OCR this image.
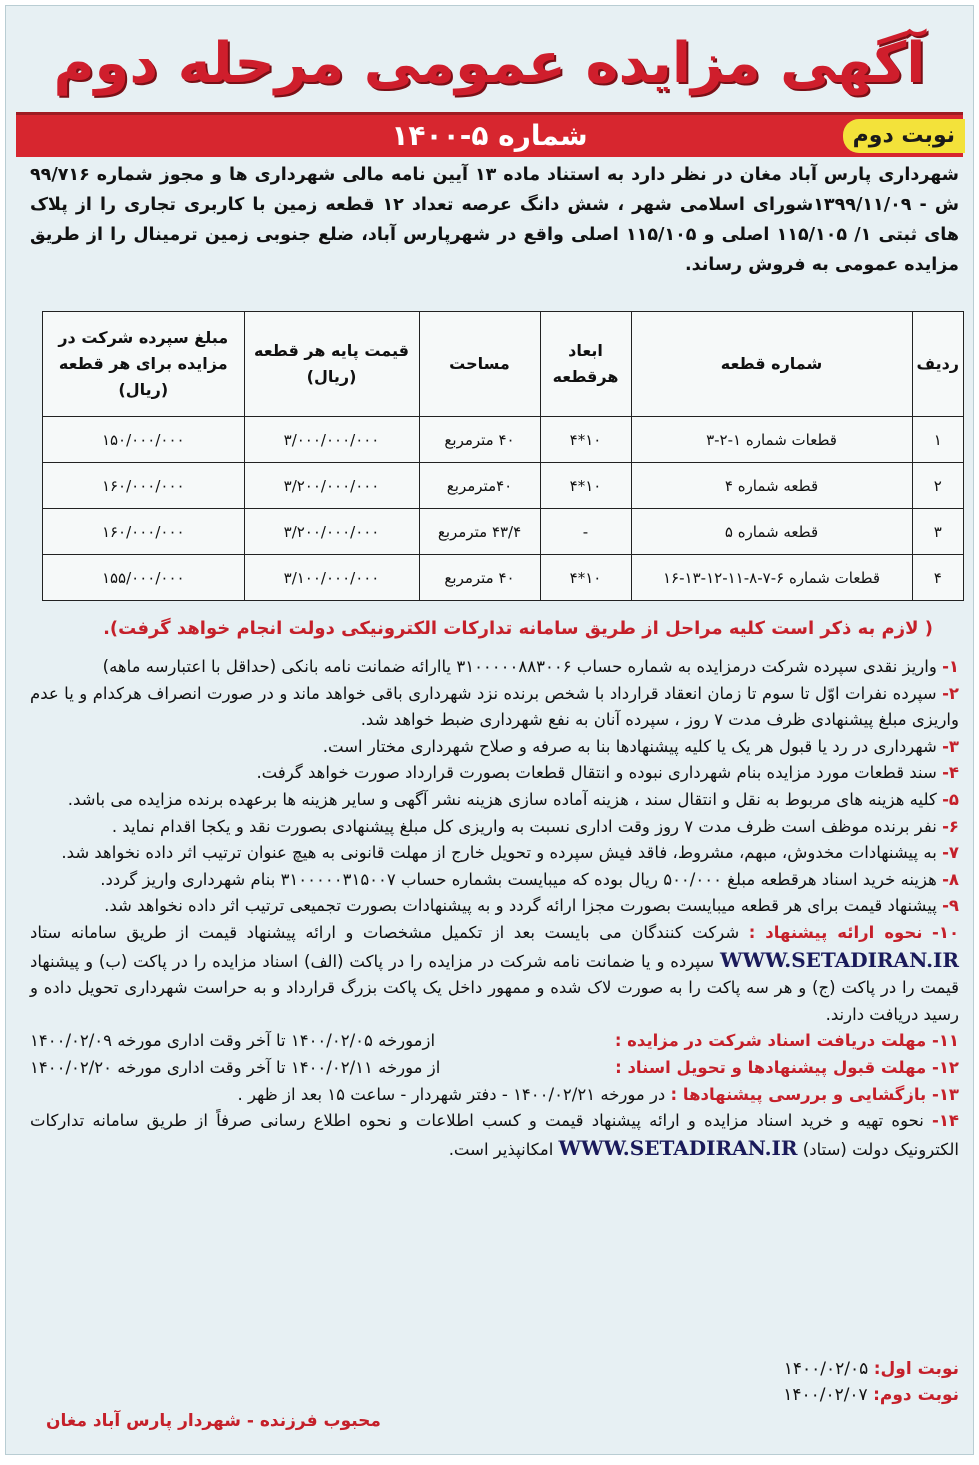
آگهی مزایده عمومی مرحله دوم
شماره ۵-۱۴۰۰	نوبت دوم
شهرداری پارس آباد مغان در نظر دارد به استناد ماده ۱۳ آیین نامه مالی شهرداری ها و مجوز شماره ۹۹/۷۱۶ ش - ۱۳۹۹/۱۱/۰۹شورای اسلامی شهر ، شش دانگ عرصه تعداد ۱۲ قطعه زمین با کاربری تجاری را از پلاک های ثبتی ۱/ ۱۱۵/۱۰۵ اصلی و ۱۱۵/۱۰۵ اصلی واقع در شهرپارس آباد، ضلع جنوبی زمین ترمینال را از طریق مزایده عمومی به فروش رساند.
ردیف	شماره قطعه	ابعاد هرقطعه	مساحت	قیمت پایه هر قطعه (ریال)	مبلغ سپرده شرکت در مزایده برای هر قطعه (ریال)
۱	قطعات شماره ۱-۲-۳	۱۰*۴	۴۰ مترمربع	۳/۰۰۰/۰۰۰/۰۰۰	۱۵۰/۰۰۰/۰۰۰
۲	قطعه شماره ۴	۱۰*۴	۴۰مترمربع	۳/۲۰۰/۰۰۰/۰۰۰	۱۶۰/۰۰۰/۰۰۰
۳	قطعه شماره ۵	-	۴۳/۴ مترمربع	۳/۲۰۰/۰۰۰/۰۰۰	۱۶۰/۰۰۰/۰۰۰
۴	قطعات شماره ۶-۷-۸-۱۱-۱۲-۱۳-۱۶	۱۰*۴	۴۰ مترمربع	۳/۱۰۰/۰۰۰/۰۰۰	۱۵۵/۰۰۰/۰۰۰
( لازم به ذکر است کلیه مراحل از طریق سامانه تدارکات الکترونیکی دولت انجام خواهد گرفت).

۱- واریز نقدی سپرده شرکت درمزایده به شماره حساب ۳۱۰۰۰۰۰۸۸۳۰۰۶ یاارائه ضمانت نامه بانکی (حداقل با اعتبارسه ماهه)

۲- سپرده نفرات اوّل تا سوم تا زمان انعقاد قرارداد با شخص برنده نزد شهرداری باقی خواهد ماند و در صورت انصراف هرکدام و یا عدم واریزی مبلغ پیشنهادی ظرف مدت ۷ روز ، سپرده آنان به نفع شهرداری ضبط خواهد شد.

۳- شهرداری در رد یا قبول هر یک یا کلیه پیشنهادها بنا به صرفه و صلاح شهرداری مختار است.

۴- سند قطعات مورد مزایده بنام شهرداری نبوده و انتقال قطعات بصورت قرارداد صورت خواهد گرفت.

۵- کلیه هزینه های مربوط به نقل و انتقال سند ، هزینه آماده سازی هزینه نشر آگهی و سایر هزینه ها برعهده برنده مزایده می باشد.

۶- نفر برنده موظف است ظرف مدت ۷ روز وقت اداری نسبت به واریزی کل مبلغ پیشنهادی بصورت نقد و یکجا اقدام نماید .

۷- به پیشنهادات مخدوش، مبهم، مشروط، فاقد فیش سپرده و تحویل خارج از مهلت قانونی به هیچ عنوان ترتیب اثر داده نخواهد شد.

۸- هزینه خرید اسناد هرقطعه مبلغ ۵۰۰/۰۰۰ ریال بوده که میبایست بشماره حساب ۳۱۰۰۰۰۰۳۱۵۰۰۷ بنام شهرداری واریز گردد.

۹- پیشنهاد قیمت برای هر قطعه میبایست بصورت مجزا ارائه گردد و به پیشنهادات بصورت تجمیعی ترتیب اثر داده نخواهد شد.

۱۰- نحوه ارائه پیشنهاد : شرکت کنندگان می بایست بعد از تکمیل مشخصات و ارائه پیشنهاد قیمت از طریق سامانه ستاد WWW.SETADIRAN.IR سپرده و یا ضمانت نامه شرکت در مزایده را در پاکت (الف) اسناد مزایده را در پاکت (ب) و پیشنهاد قیمت را در پاکت (ج) و هر سه پاکت را به صورت لاک شده و ممهور داخل یک پاکت بزرگ قرارداد و به حراست شهرداری تحویل داده و رسید دریافت دارند.

۱۱- مهلت دریافت اسناد شرکت در مزایده :
ازمورخه ۱۴۰۰/۰۲/۰۵ تا آخر وقت اداری مورخه ۱۴۰۰/۰۲/۰۹

۱۲- مهلت قبول پیشنهادها و تحویل اسناد :
از مورخه ۱۴۰۰/۰۲/۱۱ تا آخر وقت اداری مورخه ۱۴۰۰/۰۲/۲۰

۱۳- بازگشایی و بررسی پیشنهادها : در مورخه ۱۴۰۰/۰۲/۲۱ - دفتر شهردار - ساعت ۱۵ بعد از ظهر .

۱۴- نحوه تهیه و خرید اسناد مزایده و ارائه پیشنهاد قیمت و کسب اطلاعات و نحوه اطلاع رسانی صرفاً از طریق سامانه تدارکات الکترونیک دولت (ستاد) WWW.SETADIRAN.IR امکانپذیر است.

نوبت اول: ۱۴۰۰/۰۲/۰۵
نوبت دوم: ۱۴۰۰/۰۲/۰۷
محبوب فرزنده - شهردار پارس آباد مغان
